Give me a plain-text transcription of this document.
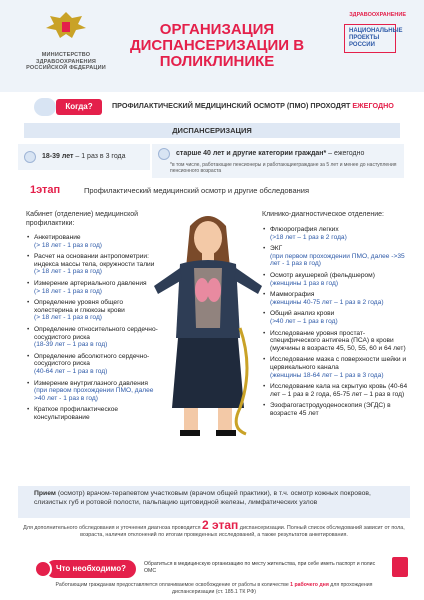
МИНИСТЕРСТВО ЗДРАВООХРАНЕНИЯ РОССИЙСКОЙ ФЕДЕРАЦИИ
ОРГАНИЗАЦИЯ ДИСПАНСЕРИЗАЦИИ В ПОЛИКЛИНИКЕ
ЗДРАВООХРАНЕНИЕ
НАЦИОНАЛЬНЫЕ ПРОЕКТЫ РОССИИ
Когда?	ПРОФИЛАКТИЧЕСКИЙ МЕДИЦИНСКИЙ ОСМОТР (ПМО) ПРОХОДЯТ ЕЖЕГОДНО
ДИСПАНСЕРИЗАЦИЯ
18-39 лет – 1 раз в 3 года	старше 40 лет и другие категории граждан* – ежегодно
*в том числе, работающие пенсионеры и работающиеграждане за 5 лет и менее до наступления пенсионного возраста
1этап	Профилактический медицинский осмотр и другие обследования
Кабинет (отделение) медицинской профилактики:
Клинико-диагностическое отделение:
• Анкетирование
(> 18 лет - 1 раз в год)
• Расчет на основании антропометрии: индекса массы тела, окружности талии
(> 18 лет - 1 раз в год)
• Измерение артериального давления
(> 18 лет - 1 раз в год)
• Определение уровня общего холестерина и глюкозы крови
(> 18 лет - 1 раз в год)
• Определение относительного сердечно-сосудистого риска
(18-39 лет – 1 раз в год)
• Определение абсолютного сердечно-сосудистого риска
(40-64 лет – 1 раз в год)
• Измерение внутриглазного давления
(при первом прохождении ПМО, далее >40 лет - 1 раз в год)
• Краткое профилактическое консультирование
• Флюорография легких
(>18 лет – 1 раз в 2 года)
• ЭКГ
(при первом прохождении ПМО, далее ->35 лет - 1 раз в год)
• Осмотр акушеркой (фельдшером)
(женщины 1 раз в год)
• Маммография
(женщины 40-75 лет – 1 раз в 2 года)
• Общий анализ крови
(>40 лет – 1 раз в год)
• Исследование уровня простат-специфического антигена (ПСА) в крови (мужчины в возрасте 45, 50, 55, 60 и 64 лет)
• Исследование мазка с поверхности шейки и цервикального канала
(женщины 18-64 лет – 1 раз в 3 года)
• Исследование кала на скрытую кровь (40-64 лет – 1 раз в 2 года, 65-75 лет – 1 раз в год)
• Эзофагогастродуоденоскопия (ЭГДС) в возрасте 45 лет
Прием (осмотр) врачом-терапевтом участковым (врачом общей практики), в т.ч. осмотр кожных покровов, слизистых губ и ротовой полости, пальпацию щитовидной железы, лимфатических узлов
Для дополнительного обследования и уточнения диагноза проводится 2 этап диспансеризации. Полный список обследований зависит от пола, возраста, наличия отклонений по итогам проведенных исследований, а также результатов анкетирования.
Что необходимо?	Обратиться в медицинскую организацию по месту жительства, при себе иметь паспорт и полис ОМС
Работающим гражданам предоставляется оплачиваемое освобождение от работы в количестве 1 рабочего дня для прохождения диспансеризации (ст. 185.1 ТК РФ)
